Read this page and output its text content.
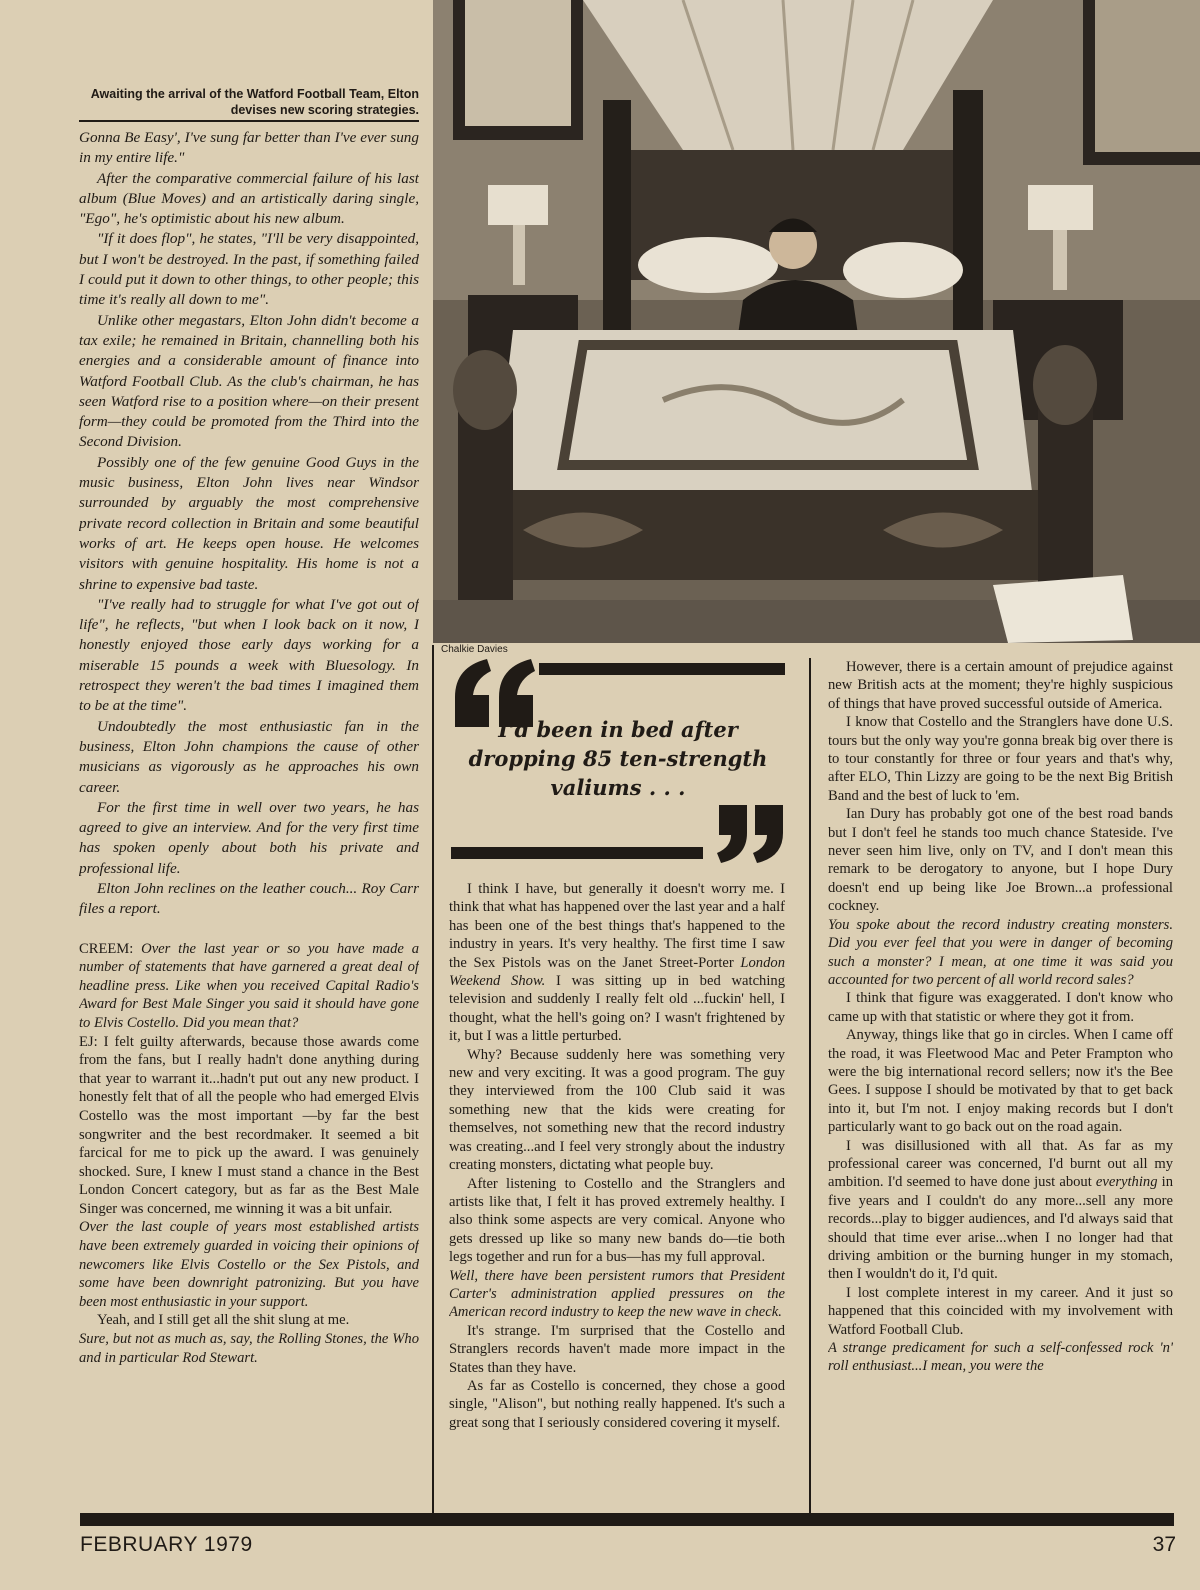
Chalkie Davies
Awaiting the arrival of the Watford Football Team, Elton devises new scoring strategies.

Gonna Be Easy', I've sung far better than I've ever sung in my entire life."

After the comparative commercial failure of his last album (Blue Moves) and an artistically daring single, "Ego", he's optimistic about his new album.

"If it does flop", he states, "I'll be very disappointed, but I won't be destroyed. In the past, if something failed I could put it down to other things, to other people; this time it's really all down to me".

Unlike other megastars, Elton John didn't become a tax exile; he remained in Britain, channelling both his energies and a considerable amount of finance into Watford Football Club. As the club's chairman, he has seen Watford rise to a position where—on their present form—they could be promoted from the Third into the Second Division.

Possibly one of the few genuine Good Guys in the music business, Elton John lives near Windsor surrounded by arguably the most comprehensive private record collection in Britain and some beautiful works of art. He keeps open house. He welcomes visitors with genuine hospitality. His home is not a shrine to expensive bad taste.

"I've really had to struggle for what I've got out of life", he reflects, "but when I look back on it now, I honestly enjoyed those early days working for a miserable 15 pounds a week with Bluesology. In retrospect they weren't the bad times I imagined them to be at the time".

Undoubtedly the most enthusiastic fan in the business, Elton John champions the cause of other musicians as vigorously as he approaches his own career.

For the first time in well over two years, he has agreed to give an interview. And for the very first time has spoken openly about both his private and professional life.

Elton John reclines on the leather couch... Roy Carr files a report.

CREEM: Over the last year or so you have made a number of statements that have garnered a great deal of headline press. Like when you received Capital Radio's Award for Best Male Singer you said it should have gone to Elvis Costello. Did you mean that?

EJ: I felt guilty afterwards, because those awards come from the fans, but I really hadn't done anything during that year to warrant it...hadn't put out any new product. I honestly felt that of all the people who had emerged Elvis Costello was the most important —by far the best songwriter and the best recordmaker. It seemed a bit farcical for me to pick up the award. I was genuinely shocked. Sure, I knew I must stand a chance in the Best London Concert category, but as far as the Best Male Singer was concerned, me winning it was a bit unfair.

Over the last couple of years most established artists have been extremely guarded in voicing their opinions of newcomers like Elvis Costello or the Sex Pistols, and some have been downright patronizing. But you have been most enthusiastic in your support.

Yeah, and I still get all the shit slung at me.

Sure, but not as much as, say, the Rolling Stones, the Who and in particular Rod Stewart.

I'd been in bed after dropping 85 ten-strength valiums . . .

I think I have, but generally it doesn't worry me. I think that what has happened over the last year and a half has been one of the best things that's happened to the industry in years. It's very healthy. The first time I saw the Sex Pistols was on the Janet Street-Porter London Weekend Show. I was sitting up in bed watching television and suddenly I really felt old ...fuckin' hell, I thought, what the hell's going on? I wasn't frightened by it, but I was a little perturbed.

Why? Because suddenly here was something very new and very exciting. It was a good program. The guy they interviewed from the 100 Club said it was something new that the kids were creating for themselves, not something new that the record industry was creating...and I feel very strongly about the industry creating monsters, dictating what people buy.

After listening to Costello and the Stranglers and artists like that, I felt it has proved extremely healthy. I also think some aspects are very comical. Anyone who gets dressed up like so many new bands do—tie both legs together and run for a bus—has my full approval.

Well, there have been persistent rumors that President Carter's administration applied pressures on the American record industry to keep the new wave in check.

It's strange. I'm surprised that the Costello and Stranglers records haven't made more impact in the States than they have.

As far as Costello is concerned, they chose a good single, "Alison", but nothing really happened. It's such a great song that I seriously considered covering it myself.

However, there is a certain amount of prejudice against new British acts at the moment; they're highly suspicious of things that have proved successful outside of America.

I know that Costello and the Stranglers have done U.S. tours but the only way you're gonna break big over there is to tour constantly for three or four years and that's why, after ELO, Thin Lizzy are going to be the next Big British Band and the best of luck to 'em.

Ian Dury has probably got one of the best road bands but I don't feel he stands too much chance Stateside. I've never seen him live, only on TV, and I don't mean this remark to be derogatory to anyone, but I hope Dury doesn't end up being like Joe Brown...a professional cockney.

You spoke about the record industry creating monsters. Did you ever feel that you were in danger of becoming such a monster? I mean, at one time it was said you accounted for two percent of all world record sales?

I think that figure was exaggerated. I don't know who came up with that statistic or where they got it from.

Anyway, things like that go in circles. When I came off the road, it was Fleetwood Mac and Peter Frampton who were the big international record sellers; now it's the Bee Gees. I suppose I should be motivated by that to get back into it, but I'm not. I enjoy making records but I don't particularly want to go back out on the road again.

I was disillusioned with all that. As far as my professional career was concerned, I'd burnt out all my ambition. I'd seemed to have done just about everything in five years and I couldn't do any more...sell any more records...play to bigger audiences, and I'd always said that should that time ever arise...when I no longer had that driving ambition or the burning hunger in my stomach, then I wouldn't do it, I'd quit.

I lost complete interest in my career. And it just so happened that this coincided with my involvement with Watford Football Club.

A strange predicament for such a self-confessed rock 'n' roll enthusiast...I mean, you were the

FEBRUARY 1979	37
